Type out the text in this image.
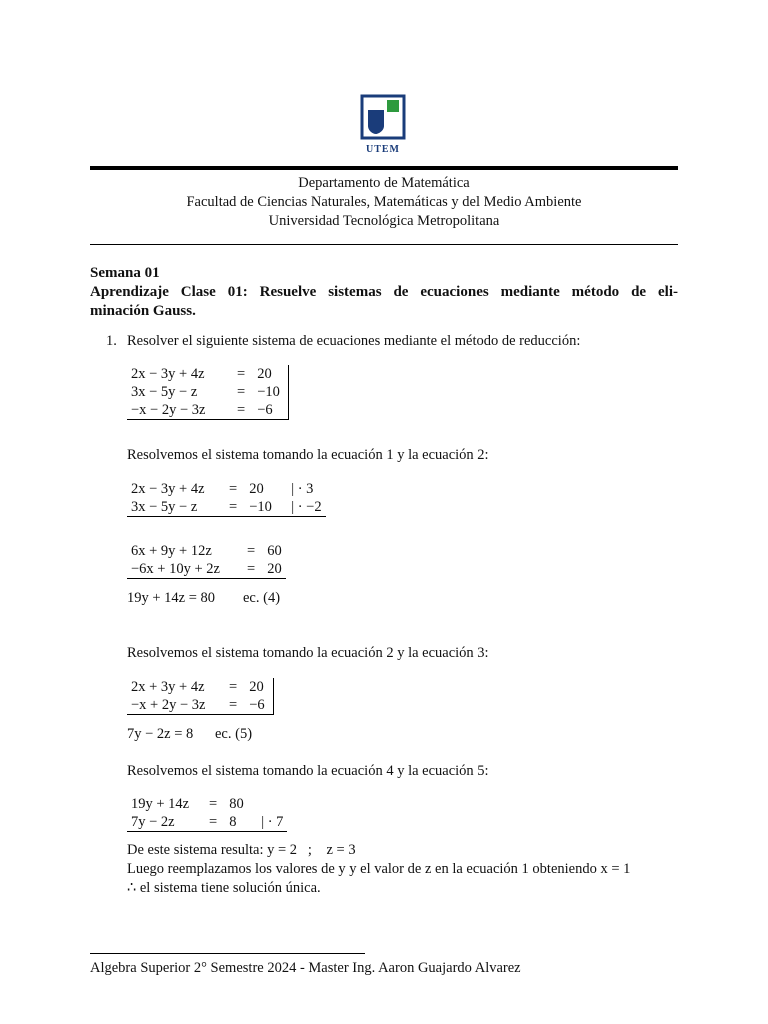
UTEM
Departamento de Matemática
Facultad de Ciencias Naturales, Matemáticas y del Medio Ambiente
Universidad Tecnológica Metropolitana
Semana 01
Aprendizaje Clase 01: Resuelve sistemas de ecuaciones mediante método de eli-
minación Gauss.
1. Resolver el siguiente sistema de ecuaciones mediante el método de reducción:
2x − 3y + 4z	=	20
3x − 5y − z	=	−10
−x − 2y − 3z	=	−6
Resolvemos el sistema tomando la ecuación 1 y la ecuación 2:
2x − 3y + 4z	=	20	| · 3
3x − 5y − z	=	−10	| · −2
6x + 9y + 12z	=	60
−6x + 10y + 2z	=	20
19y + 14z = 80 ec. (4)
Resolvemos el sistema tomando la ecuación 2 y la ecuación 3:
2x + 3y + 4z	=	20
−x + 2y − 3z	=	−6
7y − 2z = 8 ec. (5)
Resolvemos el sistema tomando la ecuación 4 y la ecuación 5:
19y + 14z	=	80	
7y − 2z	=	8	| · 7
De este sistema resulta: y = 2   ;    z = 3
Luego reemplazamos los valores de y y el valor de z en la ecuación 1 obteniendo x = 1
∴ el sistema tiene solución única.
Algebra Superior 2° Semestre 2024 - Master Ing. Aaron Guajardo Alvarez
